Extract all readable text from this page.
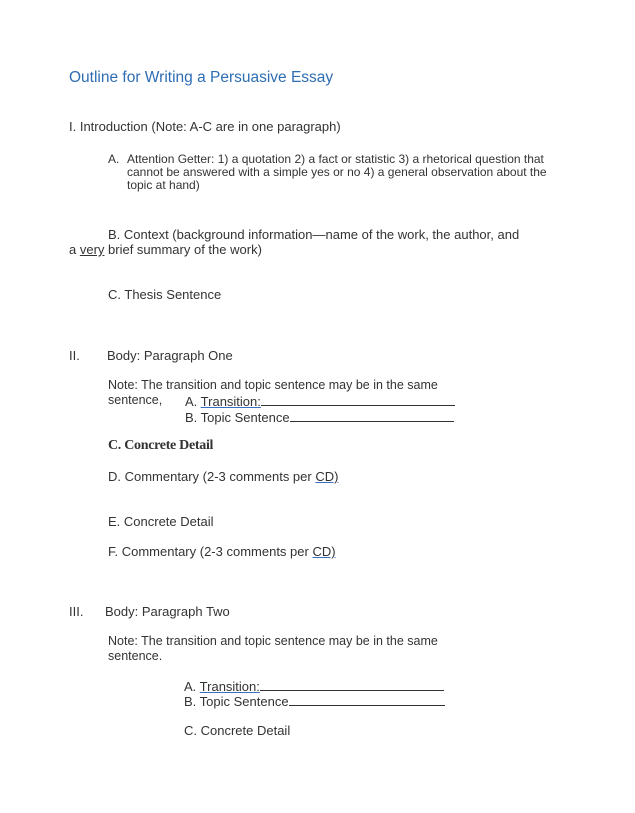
Outline for Writing a Persuasive Essay
I. Introduction (Note: A-C are in one paragraph)
A. Attention Getter: 1) a quotation 2) a fact or statistic 3) a rhetorical question that
cannot be answered with a simple yes or no 4) a general observation about the
topic at hand)
B. Context (background information—name of the work, the author, and
a very brief summary of the work)
C. Thesis Sentence
II. Body: Paragraph One
Note: The transition and topic sentence may be in the same
sentence, A. Transition:
B. Topic Sentence
C. Concrete Detail
D. Commentary (2-3 comments per CD)
E. Concrete Detail
F. Commentary (2-3 comments per CD)
III. Body: Paragraph Two
Note: The transition and topic sentence may be in the same
sentence.
A. Transition:
B. Topic Sentence
C. Concrete Detail
